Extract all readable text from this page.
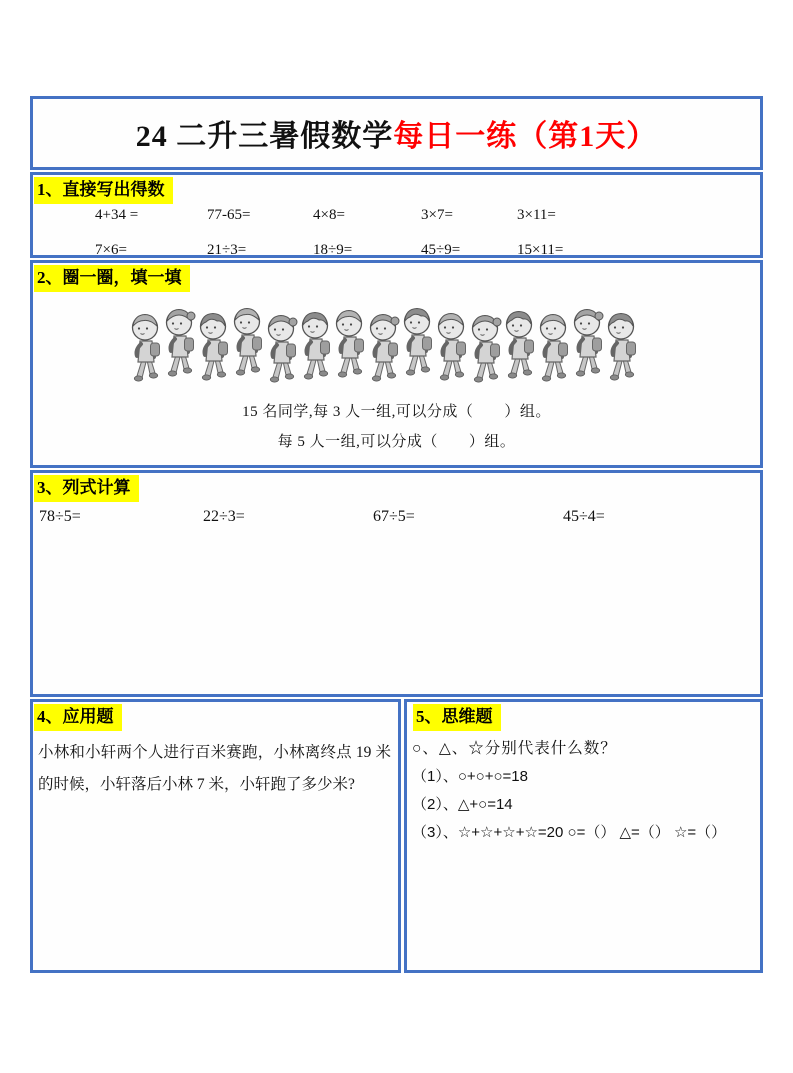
24 二升三暑假数学 每日一练（第1天）
1、直接写出得数
4+34 =	77-65=	4×8=	3×7=	3×11=
7×6=	21÷3=	18÷9=	45÷9=	15×11=
2、圈一圈，填一填
15 名同学,每 3 人一组,可以分成（　　）组。
每 5 人一组,可以分成（　　）组。
3、列式计算
78÷5=	22÷3=	67÷5=	45÷4=
4、应用题

小林和小轩两个人进行百米赛跑，小林离终点 19 米的时候，小轩落后小林 7 米，小轩跑了多少米?

5、思维题
○、△、☆分别代表什么数？
（1）、○+○+○=18
（2）、△+○=14
（3）、☆+☆+☆+☆=20 ○=（） △=（） ☆=（）
